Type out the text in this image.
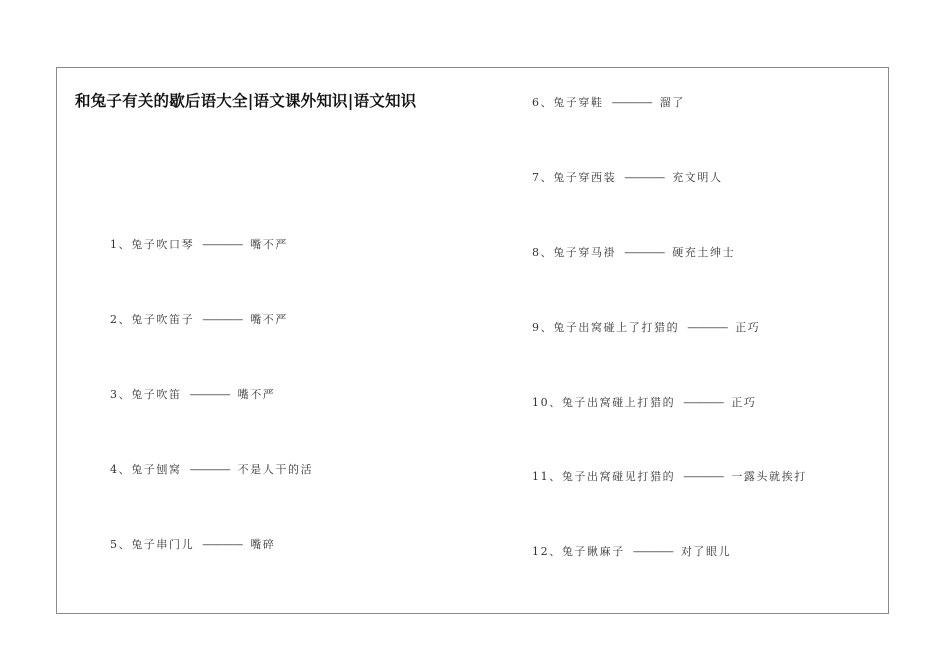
和兔子有关的歇后语大全|语文课外知识|语文知识
1、兔子吹口琴 ———— 嘴不严
2、兔子吹笛子 ———— 嘴不严
3、兔子吹笛 ———— 嘴不严
4、兔子刨窝 ———— 不是人干的活
5、兔子串门儿 ———— 嘴碎
6、兔子穿鞋 ———— 溜了
7、兔子穿西装 ———— 充文明人
8、兔子穿马褂 ———— 硬充土绅士
9、兔子出窝碰上了打猎的 ———— 正巧
10、兔子出窝碰上打猎的 ———— 正巧
11、兔子出窝碰见打猎的 ———— 一露头就挨打
12、兔子瞅麻子 ———— 对了眼儿
